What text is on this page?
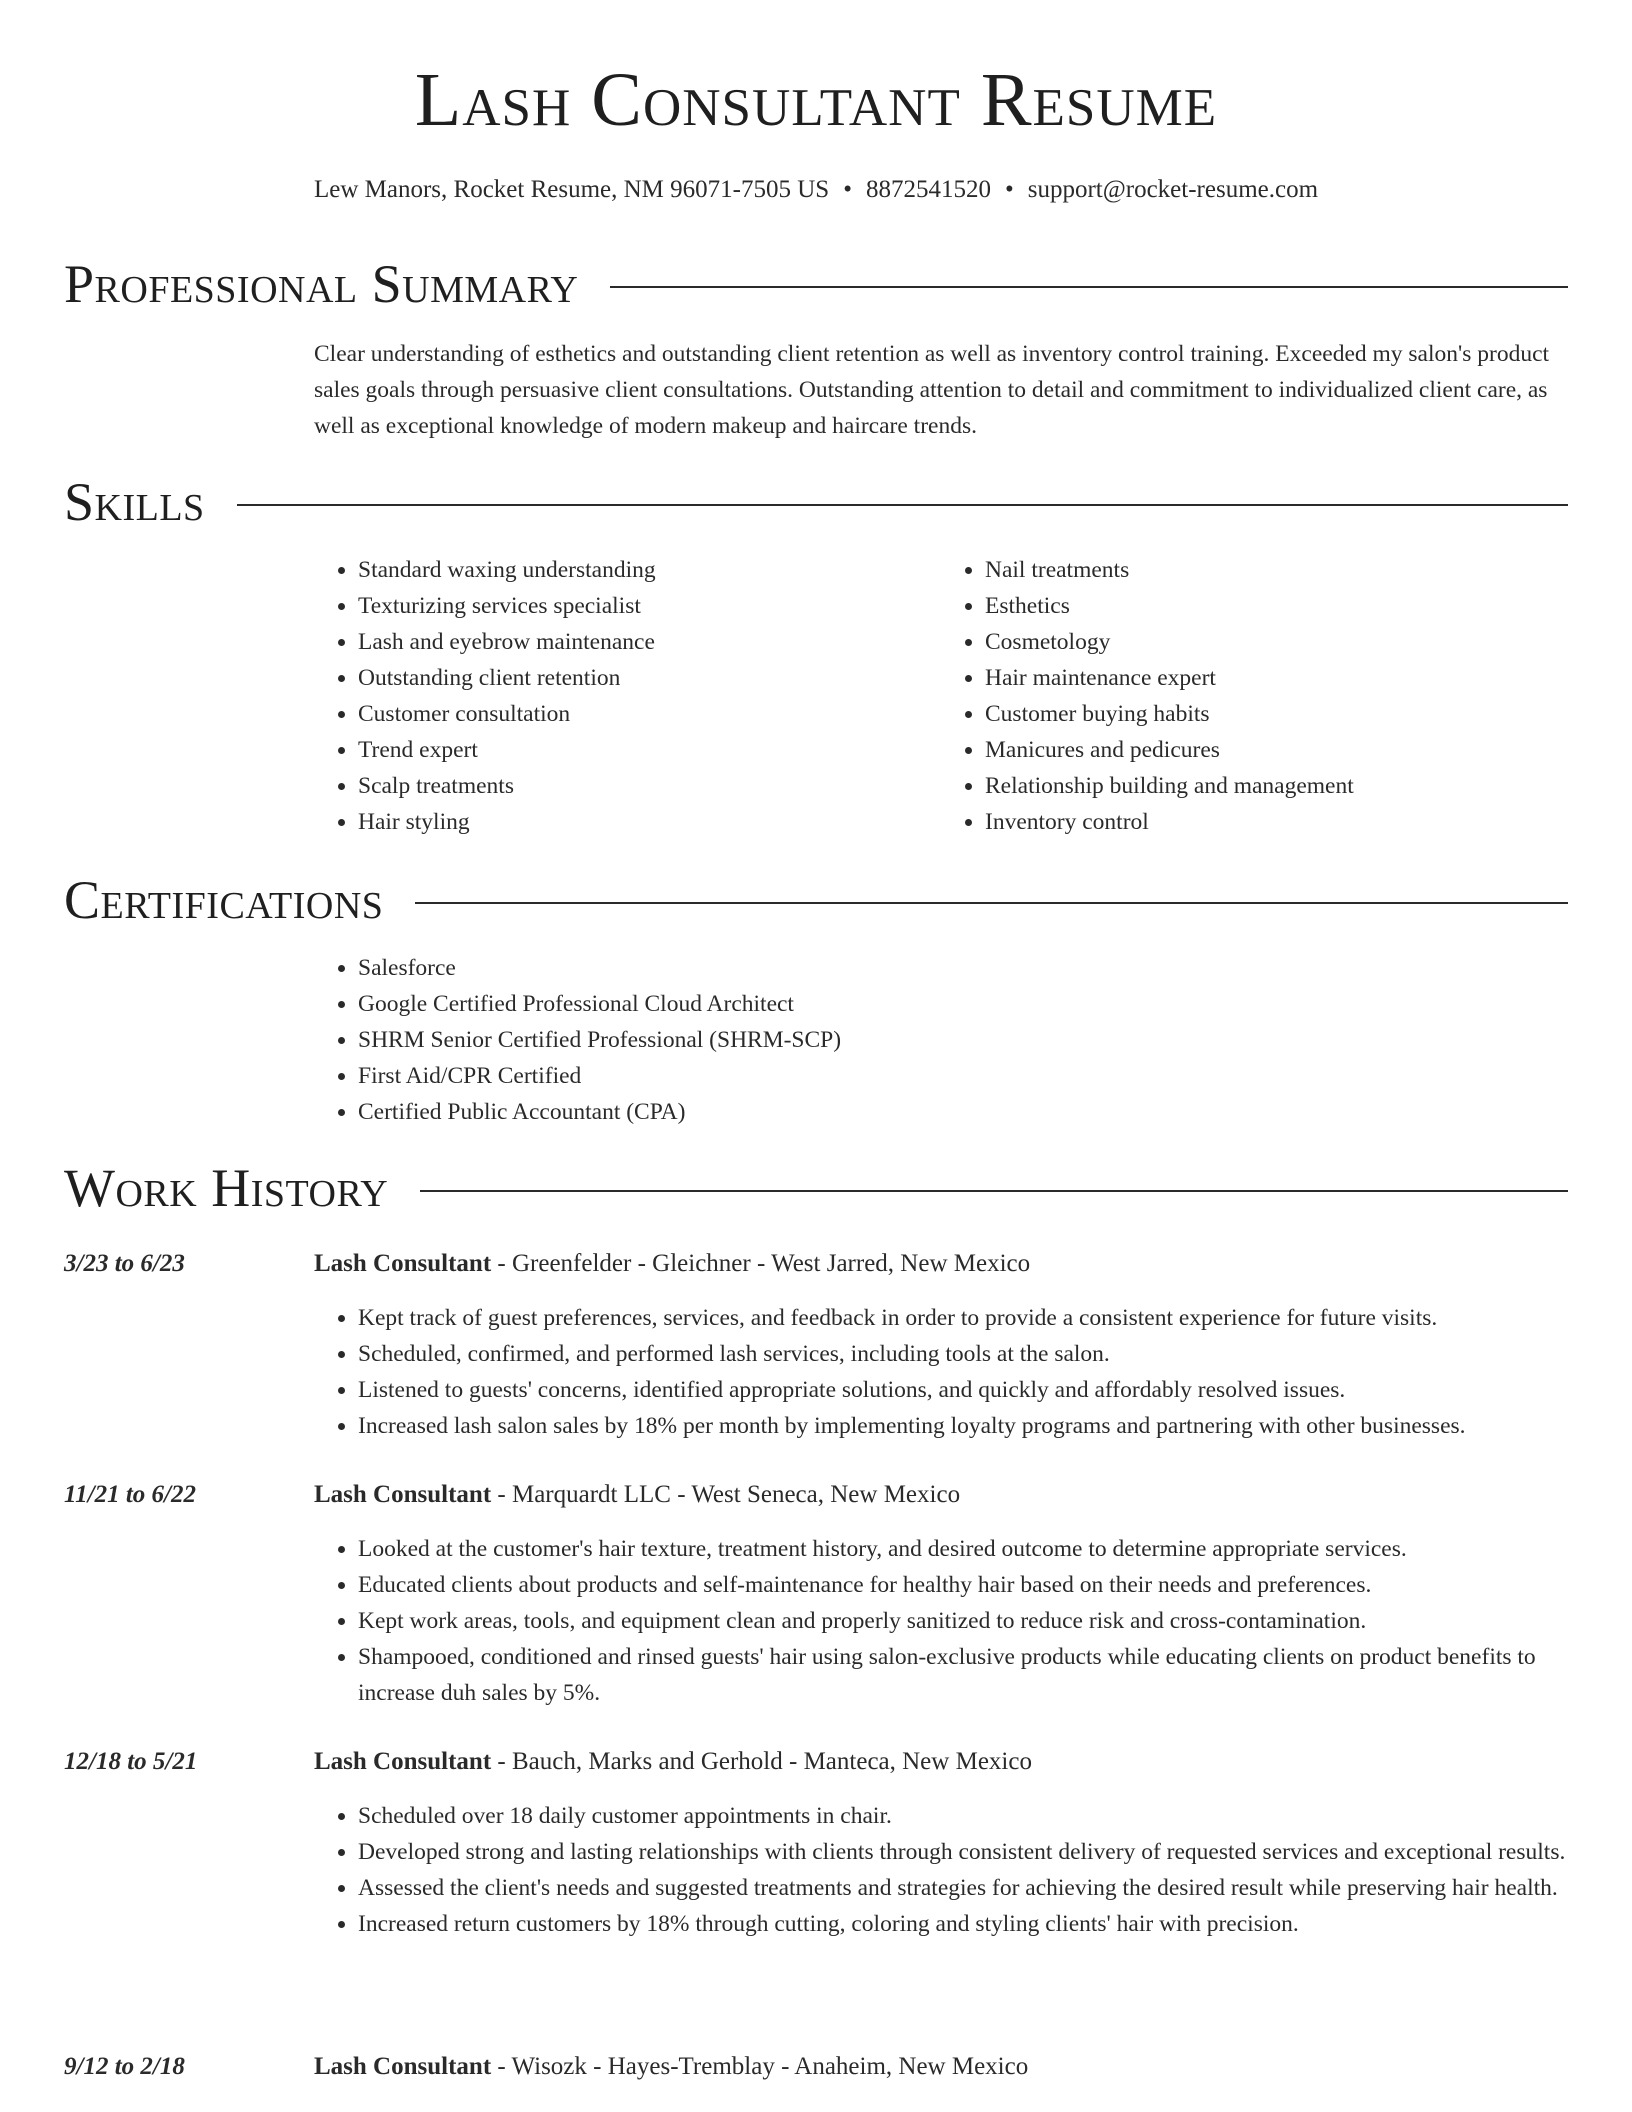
Lash Consultant Resume
Lew Manors, Rocket Resume, NM 96071-7505 US • 8872541520 • support@rocket-resume.com
Professional Summary
Clear understanding of esthetics and outstanding client retention as well as inventory control training. Exceeded my salon's product sales goals through persuasive client consultations. Outstanding attention to detail and commitment to individualized client care, as well as exceptional knowledge of modern makeup and haircare trends.
Skills
• Standard waxing understanding
• Texturizing services specialist
• Lash and eyebrow maintenance
• Outstanding client retention
• Customer consultation
• Trend expert
• Scalp treatments
• Hair styling
• Nail treatments
• Esthetics
• Cosmetology
• Hair maintenance expert
• Customer buying habits
• Manicures and pedicures
• Relationship building and management
• Inventory control
Certifications
• Salesforce
• Google Certified Professional Cloud Architect
• SHRM Senior Certified Professional (SHRM-SCP)
• First Aid/CPR Certified
• Certified Public Accountant (CPA)
Work History
3/23 to 6/23	Lash Consultant - Greenfelder - Gleichner - West Jarred, New Mexico
• Kept track of guest preferences, services, and feedback in order to provide a consistent experience for future visits.
• Scheduled, confirmed, and performed lash services, including tools at the salon.
• Listened to guests' concerns, identified appropriate solutions, and quickly and affordably resolved issues.
• Increased lash salon sales by 18% per month by implementing loyalty programs and partnering with other businesses.
11/21 to 6/22	Lash Consultant - Marquardt LLC - West Seneca, New Mexico
• Looked at the customer's hair texture, treatment history, and desired outcome to determine appropriate services.
• Educated clients about products and self-maintenance for healthy hair based on their needs and preferences.
• Kept work areas, tools, and equipment clean and properly sanitized to reduce risk and cross-contamination.
• Shampooed, conditioned and rinsed guests' hair using salon-exclusive products while educating clients on product benefits to increase duh sales by 5%.
12/18 to 5/21	Lash Consultant - Bauch, Marks and Gerhold - Manteca, New Mexico
• Scheduled over 18 daily customer appointments in chair.
• Developed strong and lasting relationships with clients through consistent delivery of requested services and exceptional results.
• Assessed the client's needs and suggested treatments and strategies for achieving the desired result while preserving hair health.
• Increased return customers by 18% through cutting, coloring and styling clients' hair with precision.
9/12 to 2/18	Lash Consultant - Wisozk - Hayes-Tremblay - Anaheim, New Mexico
